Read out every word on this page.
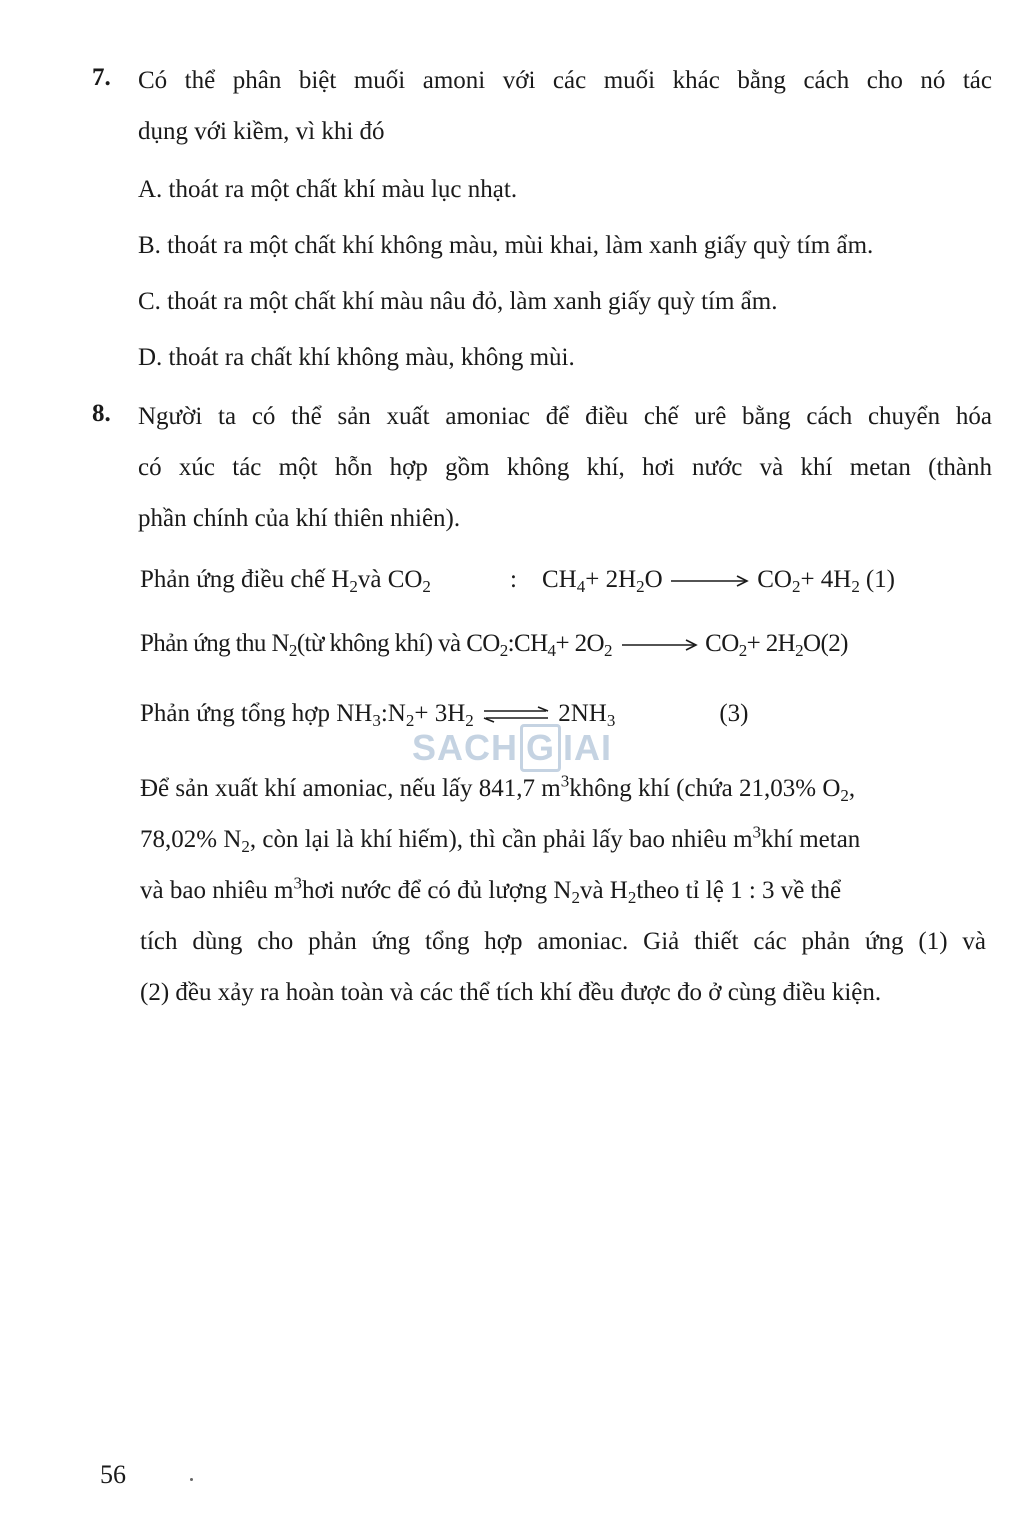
7. Có thể phân biệt muối amoni với các muối khác bằng cách cho nó tác
dụng với kiềm, vì khi đó
A. thoát ra một chất khí màu lục nhạt.
B. thoát ra một chất khí không màu, mùi khai, làm xanh giấy quỳ tím ẩm.
C. thoát ra một chất khí màu nâu đỏ, làm xanh giấy quỳ tím ẩm.
D. thoát ra chất khí không màu, không mùi.
8. Người ta có thể sản xuất amoniac để điều chế urê bằng cách chuyển hóa
có xúc tác một hỗn hợp gồm không khí, hơi nước và khí metan (thành
phần chính của khí thiên nhiên).
Phản ứng điều chế $H_2và$ $CO_2$	: $CH_4+ 2H_2O \to CO_2+ 4H_2$ (1)
Phản ứng thu $N_2(từ$ không khí) và $CO_2:CH_4+ 2O_2 \to CO_2+ 2H_2O(2)$
Phản ứng tổng hợp $NH_3:N_2+ 3H_2$	$2NH_3$	(3)
SACH G IAI
Để sản xuất khí amoniac, nếu lấy 841,7 $m^3không$ khí (chứa 21,03% $O_2$,
78,02% $N_2$, còn lại là khí hiếm), thì cần phải lấy bao nhiêu $m^3khí$ metan
và bao nhiêu $m^3hơi$ nước để có đủ lượng $N_2và$ $H_2theo$ tỉ lệ 1 : 3 về thể
tích dùng cho phản ứng tổng hợp amoniac. Giả thiết các phản ứng (1) và
(2) đều xảy ra hoàn toàn và các thể tích khí đều được đo ở cùng điều kiện.
56
